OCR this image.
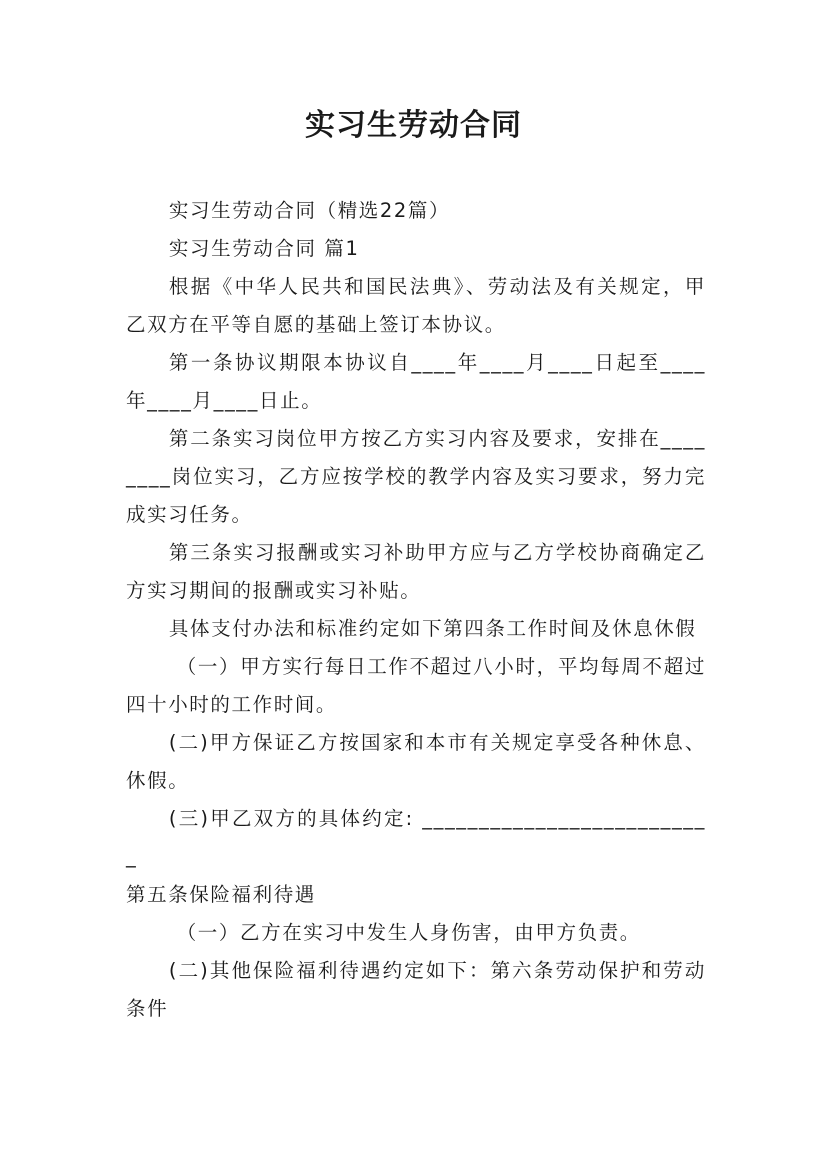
实习生劳动合同

实习生劳动合同（精选22篇）

实习生劳动合同 篇1

根据《中华人民共和国民法典》、劳动法及有关规定，甲乙双方在平等自愿的基础上签订本协议。

第一条协议期限本协议自____年____月____日起至____年____月____日止。

第二条实习岗位甲方按乙方实习内容及要求，安排在________岗位实习，乙方应按学校的教学内容及实习要求，努力完成实习任务。

第三条实习报酬或实习补助甲方应与乙方学校协商确定乙方实习期间的报酬或实习补贴。

具体支付办法和标准约定如下第四条工作时间及休息休假

（一）甲方实行每日工作不超过八小时，平均每周不超过四十小时的工作时间。

(二)甲方保证乙方按国家和本市有关规定享受各种休息、休假。

(三)甲乙双方的具体约定: __________________________

第五条保险福利待遇

（一）乙方在实习中发生人身伤害，由甲方负责。

(二)其他保险福利待遇约定如下：第六条劳动保护和劳动条件
